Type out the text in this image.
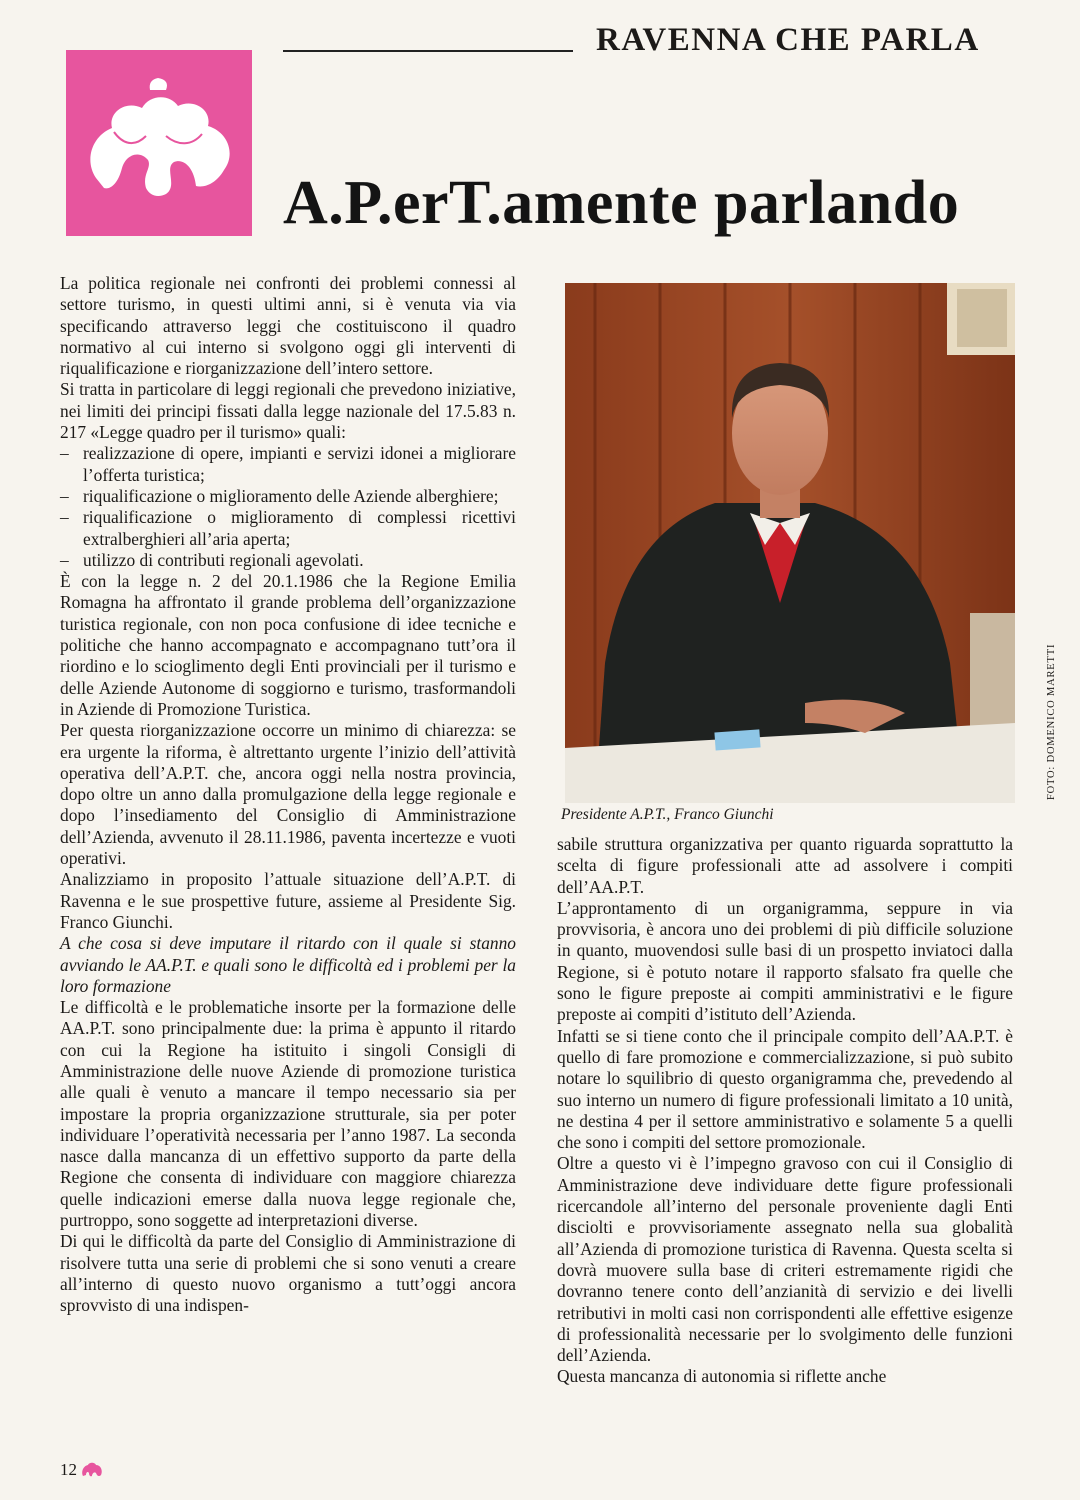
RAVENNA CHE PARLA
A.P.erT.amente parlando

La politica regionale nei confronti dei problemi connessi al settore turismo, in questi ultimi anni, si è venuta via via specificando attraverso leggi che costituiscono il quadro normativo al cui interno si svolgono oggi gli interventi di riqualificazione e riorganizzazione dell’intero settore.

Si tratta in particolare di leggi regionali che prevedono iniziative, nei limiti dei principi fissati dalla legge nazionale del 17.5.83 n. 217 «Legge quadro per il turismo» quali:

– realizzazione di opere, impianti e servizi idonei a migliorare l’offerta turistica;
– riqualificazione o miglioramento delle Aziende alberghiere;
– riqualificazione o miglioramento di complessi ricettivi extralberghieri all’aria aperta;
– utilizzo di contributi regionali agevolati.

È con la legge n. 2 del 20.1.1986 che la Regione Emilia Romagna ha affrontato il grande problema dell’organizzazione turistica regionale, con non poca confusione di idee tecniche e politiche che hanno accompagnato e accompagnano tutt’ora il riordino e lo scioglimento degli Enti provinciali per il turismo e delle Aziende Autonome di soggiorno e turismo, trasformandoli in Aziende di Promozione Turistica.

Per questa riorganizzazione occorre un minimo di chiarezza: se era urgente la riforma, è altrettanto urgente l’inizio dell’attività operativa dell’A.P.T. che, ancora oggi nella nostra provincia, dopo oltre un anno dalla promulgazione della legge regionale e dopo l’insediamento del Consiglio di Amministrazione dell’Azienda, avvenuto il 28.11.1986, paventa incertezze e vuoti operativi.

Analizziamo in proposito l’attuale situazione dell’A.P.T. di Ravenna e le sue prospettive future, assieme al Presidente Sig. Franco Giunchi.

A che cosa si deve imputare il ritardo con il quale si stanno avviando le AA.P.T. e quali sono le difficoltà ed i problemi per la loro formazione

Le difficoltà e le problematiche insorte per la formazione delle AA.P.T. sono principalmente due: la prima è appunto il ritardo con cui la Regione ha istituito i singoli Consigli di Amministrazione delle nuove Aziende di promozione turistica alle quali è venuto a mancare il tempo necessario sia per impostare la propria organizzazione strutturale, sia per poter individuare l’operatività necessaria per l’anno 1987. La seconda nasce dalla mancanza di un effettivo supporto da parte della Regione che consenta di individuare con maggiore chiarezza quelle indicazioni emerse dalla nuova legge regionale che, purtroppo, sono soggette ad interpretazioni diverse.

Di qui le difficoltà da parte del Consiglio di Amministrazione di risolvere tutta una serie di problemi che si sono venuti a creare all’interno di questo nuovo organismo a tutt’oggi ancora sprovvisto di una indispen-

FOTO: DOMENICO MARETTI
Presidente A.P.T., Franco Giunchi

sabile struttura organizzativa per quanto riguarda soprattutto la scelta di figure professionali atte ad assolvere i compiti dell’AA.P.T.

L’approntamento di un organigramma, seppure in via provvisoria, è ancora uno dei problemi di più difficile soluzione in quanto, muovendosi sulle basi di un prospetto inviatoci dalla Regione, si è potuto notare il rapporto sfalsato fra quelle che sono le figure preposte ai compiti amministrativi e le figure preposte ai compiti d’istituto dell’Azienda.

Infatti se si tiene conto che il principale compito dell’AA.P.T. è quello di fare promozione e commercializzazione, si può subito notare lo squilibrio di questo organigramma che, prevedendo al suo interno un numero di figure professionali limitato a 10 unità, ne destina 4 per il settore amministrativo e solamente 5 a quelli che sono i compiti del settore promozionale.

Oltre a questo vi è l’impegno gravoso con cui il Consiglio di Amministrazione deve individuare dette figure professionali ricercandole all’interno del personale proveniente dagli Enti disciolti e provvisoriamente assegnato nella sua globalità all’Azienda di promozione turistica di Ravenna. Questa scelta si dovrà muovere sulla base di criteri estremamente rigidi che dovranno tenere conto dell’anzianità di servizio e dei livelli retributivi in molti casi non corrispondenti alle effettive esigenze di professionalità necessarie per lo svolgimento delle funzioni dell’Azienda.

Questa mancanza di autonomia si riflette anche

12
